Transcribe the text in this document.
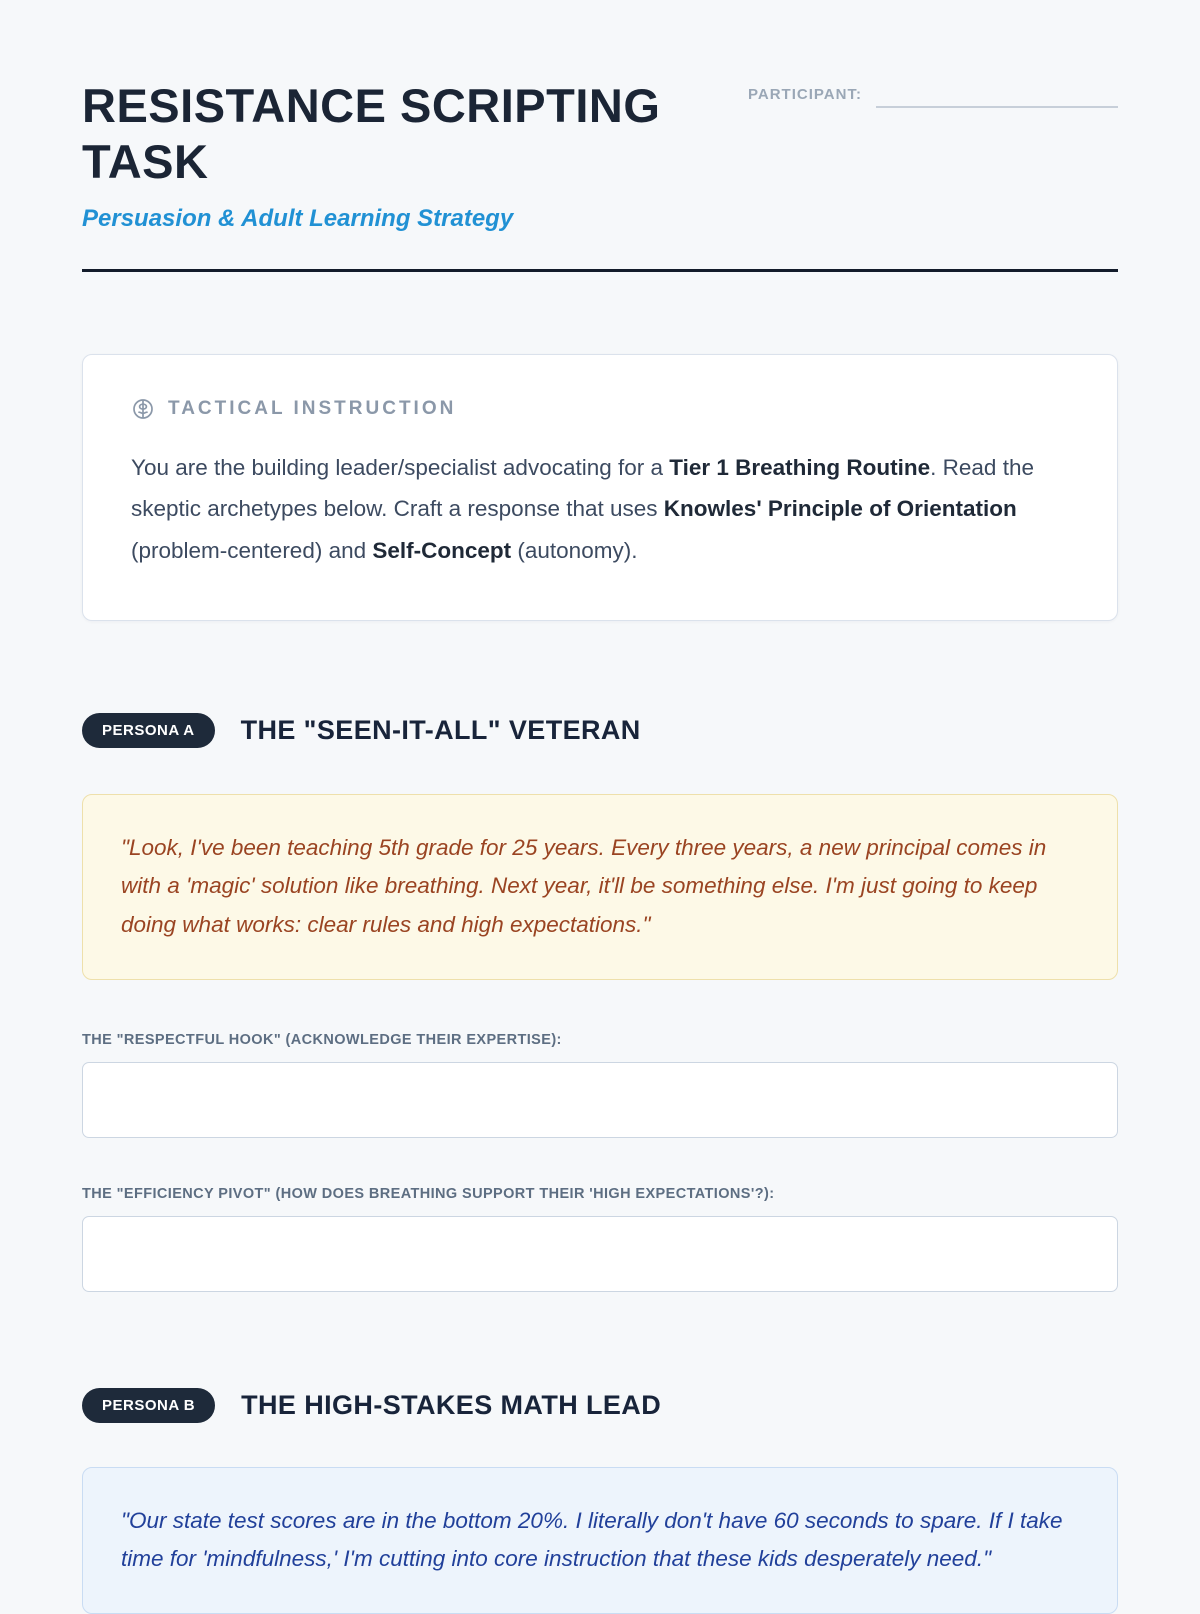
RESISTANCE SCRIPTING TASK
Persuasion & Adult Learning Strategy
PARTICIPANT:
TACTICAL INSTRUCTION

You are the building leader/specialist advocating for a Tier 1 Breathing Routine. Read the skeptic archetypes below. Craft a response that uses Knowles' Principle of Orientation (problem-centered) and Self-Concept (autonomy).

PERSONA A	THE "SEEN-IT-ALL" VETERAN
"Look, I've been teaching 5th grade for 25 years. Every three years, a new principal comes in with a 'magic' solution like breathing. Next year, it'll be something else. I'm just going to keep doing what works: clear rules and high expectations."
THE "RESPECTFUL HOOK" (ACKNOWLEDGE THEIR EXPERTISE):
THE "EFFICIENCY PIVOT" (HOW DOES BREATHING SUPPORT THEIR 'HIGH EXPECTATIONS'?):
PERSONA B	THE HIGH-STAKES MATH LEAD
"Our state test scores are in the bottom 20%. I literally don't have 60 seconds to spare. If I take time for 'mindfulness,' I'm cutting into core instruction that these kids desperately need."
